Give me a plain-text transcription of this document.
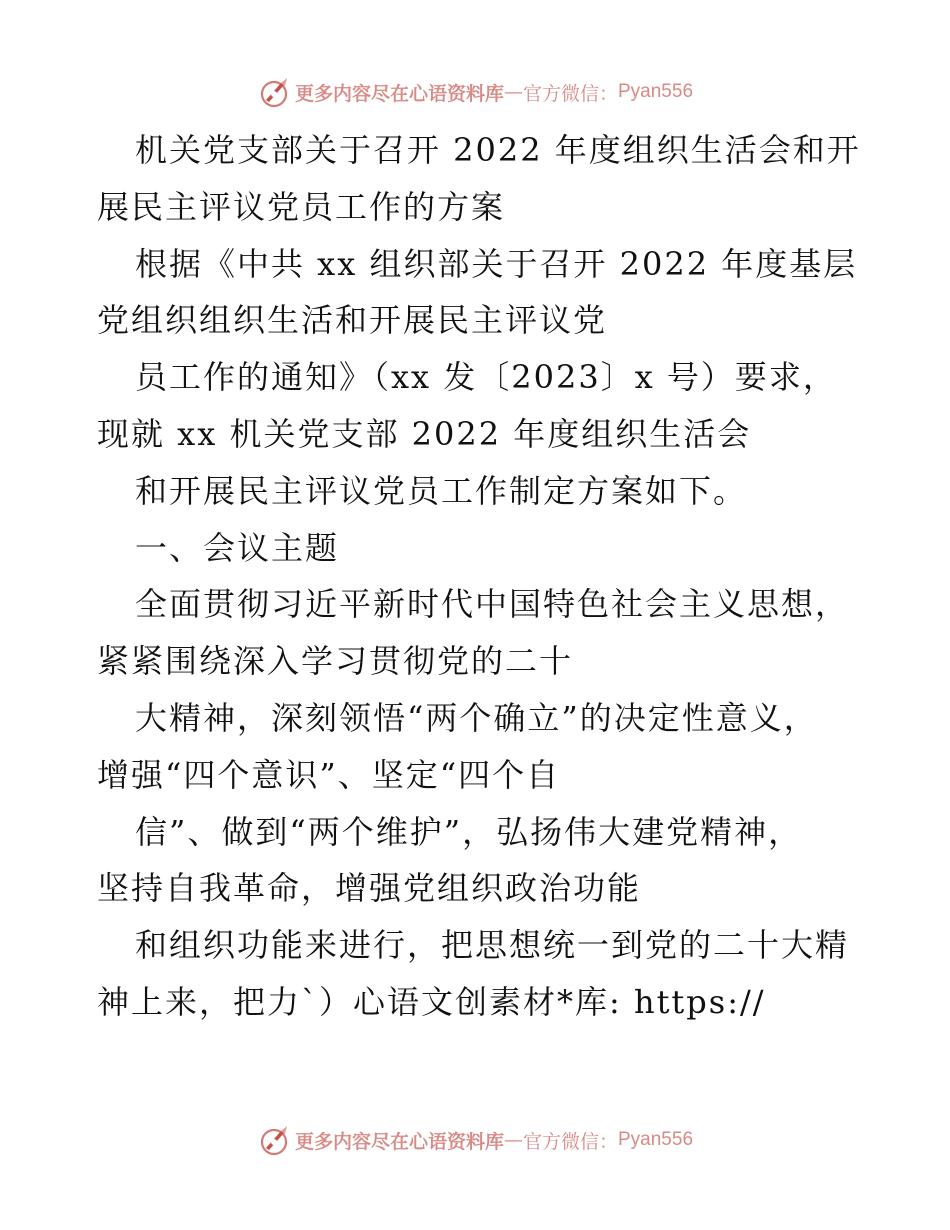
更多内容尽在心语资料库 — 官方微信： Pyan556
机关党支部关于召开 2022 年度组织生活会和开
展民主评议党员工作的方案
根据《中共 xx 组织部关于召开 2022 年度基层
党组织组织生活和开展民主评议党
员工作的通知》（xx 发〔2023〕x 号）要求，
现就 xx 机关党支部 2022 年度组织生活会
和开展民主评议党员工作制定方案如下。
一、会议主题
全面贯彻习近平新时代中国特色社会主义思想，
紧紧围绕深入学习贯彻党的二十
大精神，深刻领悟“两个确立”的决定性意义，
增强“四个意识”、坚定“四个自
信”、做到“两个维护”，弘扬伟大建党精神，
坚持自我革命，增强党组织政治功能
和组织功能来进行，把思想统一到党的二十大精
神上来，把力`）心语文创素材*库: https://
更多内容尽在心语资料库 — 官方微信： Pyan556
